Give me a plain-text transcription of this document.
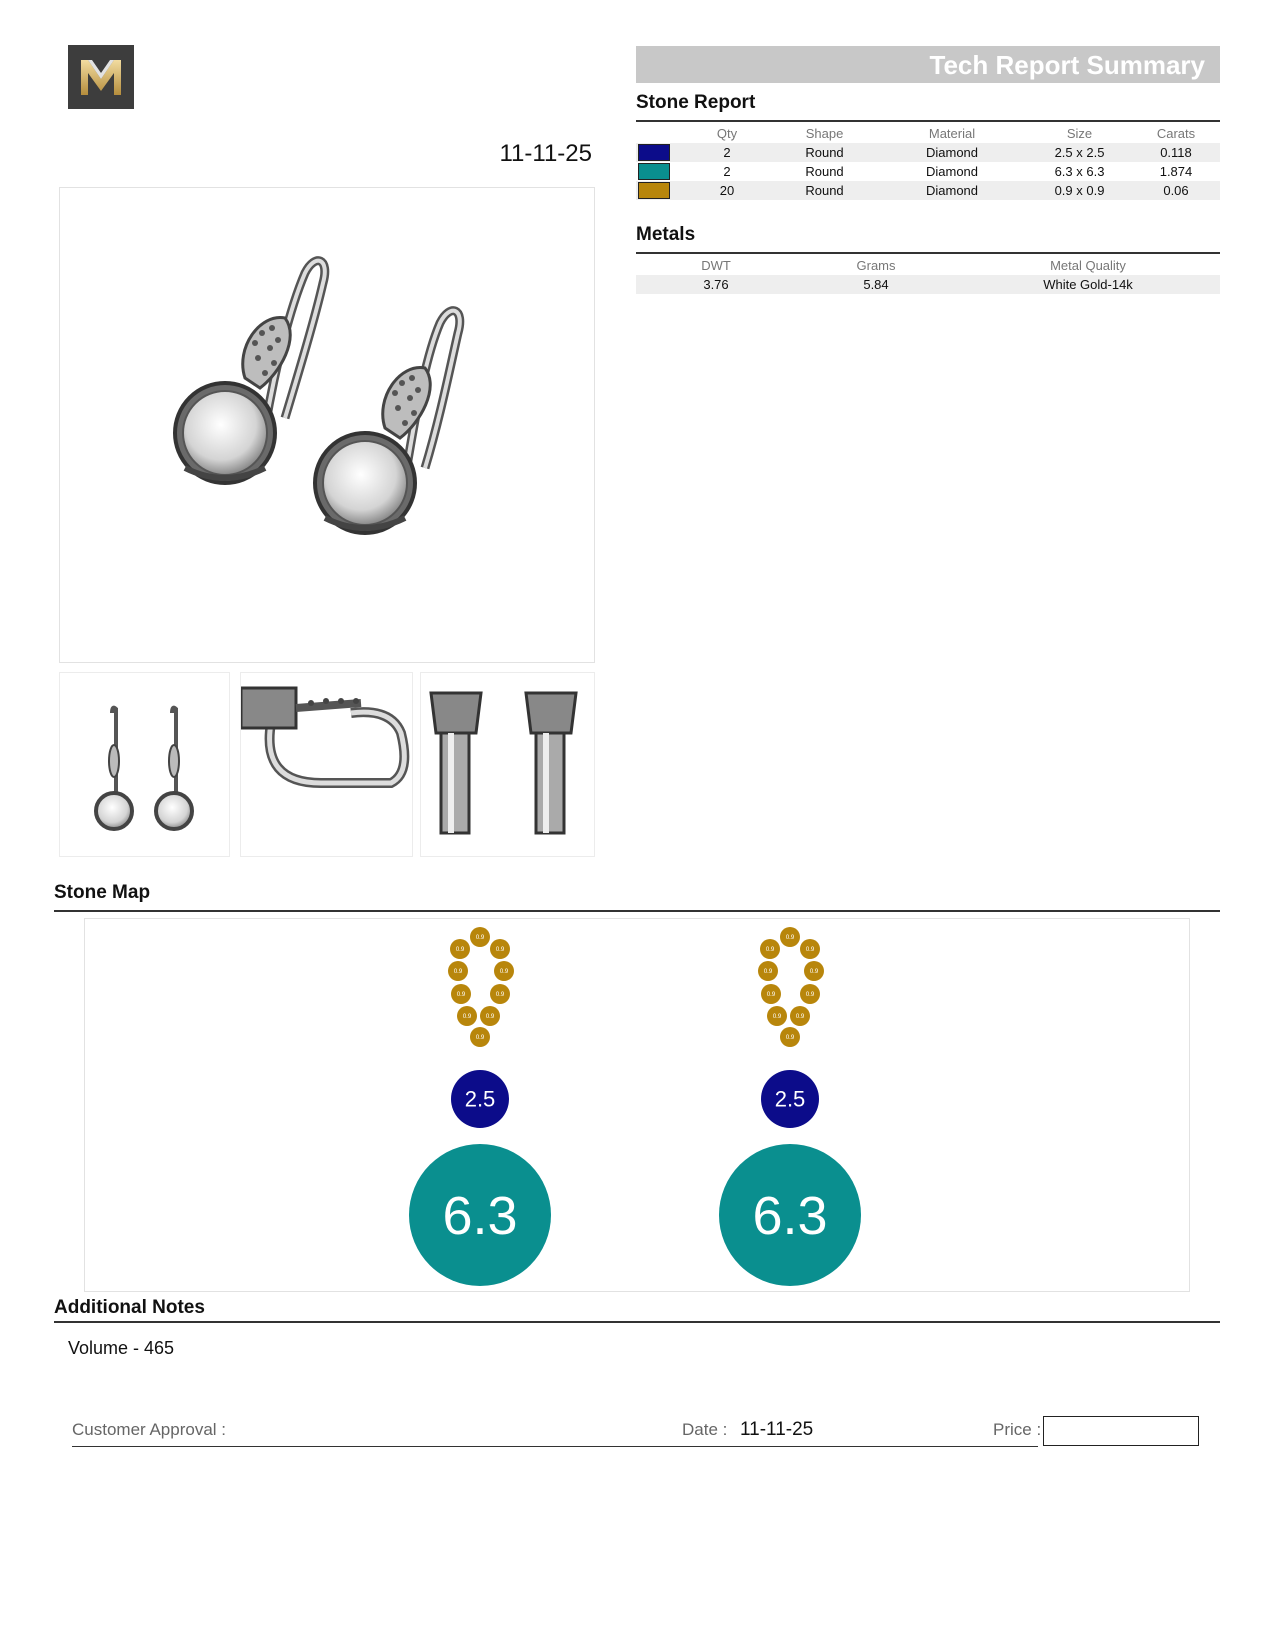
11-11-25
Tech Report Summary
Stone Report
	Qty	Shape	Material	Size	Carats

	2	Round	Diamond	2.5 x 2.5	0.118

	2	Round	Diamond	6.3 x 6.3	1.874

	20	Round	Diamond	0.9 x 0.9	0.06
Metals
DWT	Grams	Metal Quality
3.76	5.84	White Gold-14k
Stone Map
0.9
0.9	0.9
0.9	0.9
0.9	0.9
0.9 0.9
0.9
2.5
6.3
0.9
0.9	0.9
0.9	0.9
0.9	0.9
0.9 0.9
0.9
2.5
6.3
Additional Notes
Volume - 465
Customer Approval :	Date : 11-11-25	Price :
